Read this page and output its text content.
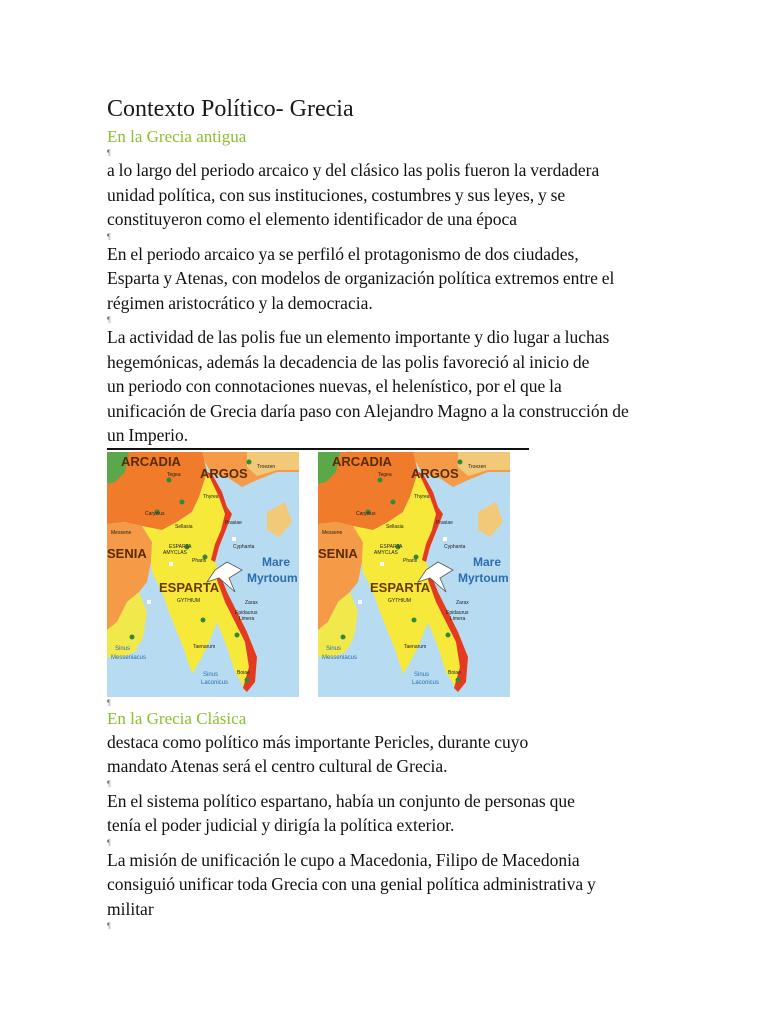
Contexto Político- Grecia

En la Grecia antigua

¶

a lo largo del periodo arcaico y del clásico las polis fueron la verdadera
unidad política, con sus instituciones, costumbres y sus leyes, y se
constituyeron como el elemento identificador de una época

¶

En el periodo arcaico ya se perfiló el protagonismo de dos ciudades,
Esparta y Atenas, con modelos de organización política extremos entre el
régimen aristocrático y la democracia.

¶

La actividad de las polis fue un elemento importante y dio lugar a luchas
hegemónicas, además la decadencia de las polis favoreció al inicio de
un periodo con connotaciones nuevas, el helenístico, por el que la
unificación de Grecia daría paso con Alejandro Magno a la construcción de
un Imperio.

ARCADIA
ARGOS
SENIA
ESPARTA
Mare
Myrtoum
Sinus
Messeniacus
Sinus
Laconicus
Tegea
Troezen
Thyrea
Caryslus
Sellasia
Prasiae
Messene
AMYCLAS
ESPARTA	Cyphanta
GYTHIUM
Pharis
Zarax
Epidaurus
Limera
Boiae
Taenarum
ARCADIA
ARGOS
SENIA
ESPARTA
Mare
Myrtoum
Sinus
Messeniacus
Sinus
Laconicus
Tegea
Troezen
Thyrea
Caryslus
Sellasia
Prasiae
Messene
AMYCLAS
ESPARTA	Cyphanta
GYTHIUM
Pharis
Zarax
Epidaurus
Limera
Boiae
Taenarum
¶

En la Grecia Clásica

destaca como político más importante Pericles, durante cuyo
mandato Atenas será el centro cultural de Grecia.

¶

En el sistema político espartano, había un conjunto de personas que
tenía el poder judicial y dirigía la política exterior.

¶

La misión de unificación le cupo a Macedonia, Filipo de Macedonia
consiguió unificar toda Grecia con una genial política administrativa y
militar

¶
